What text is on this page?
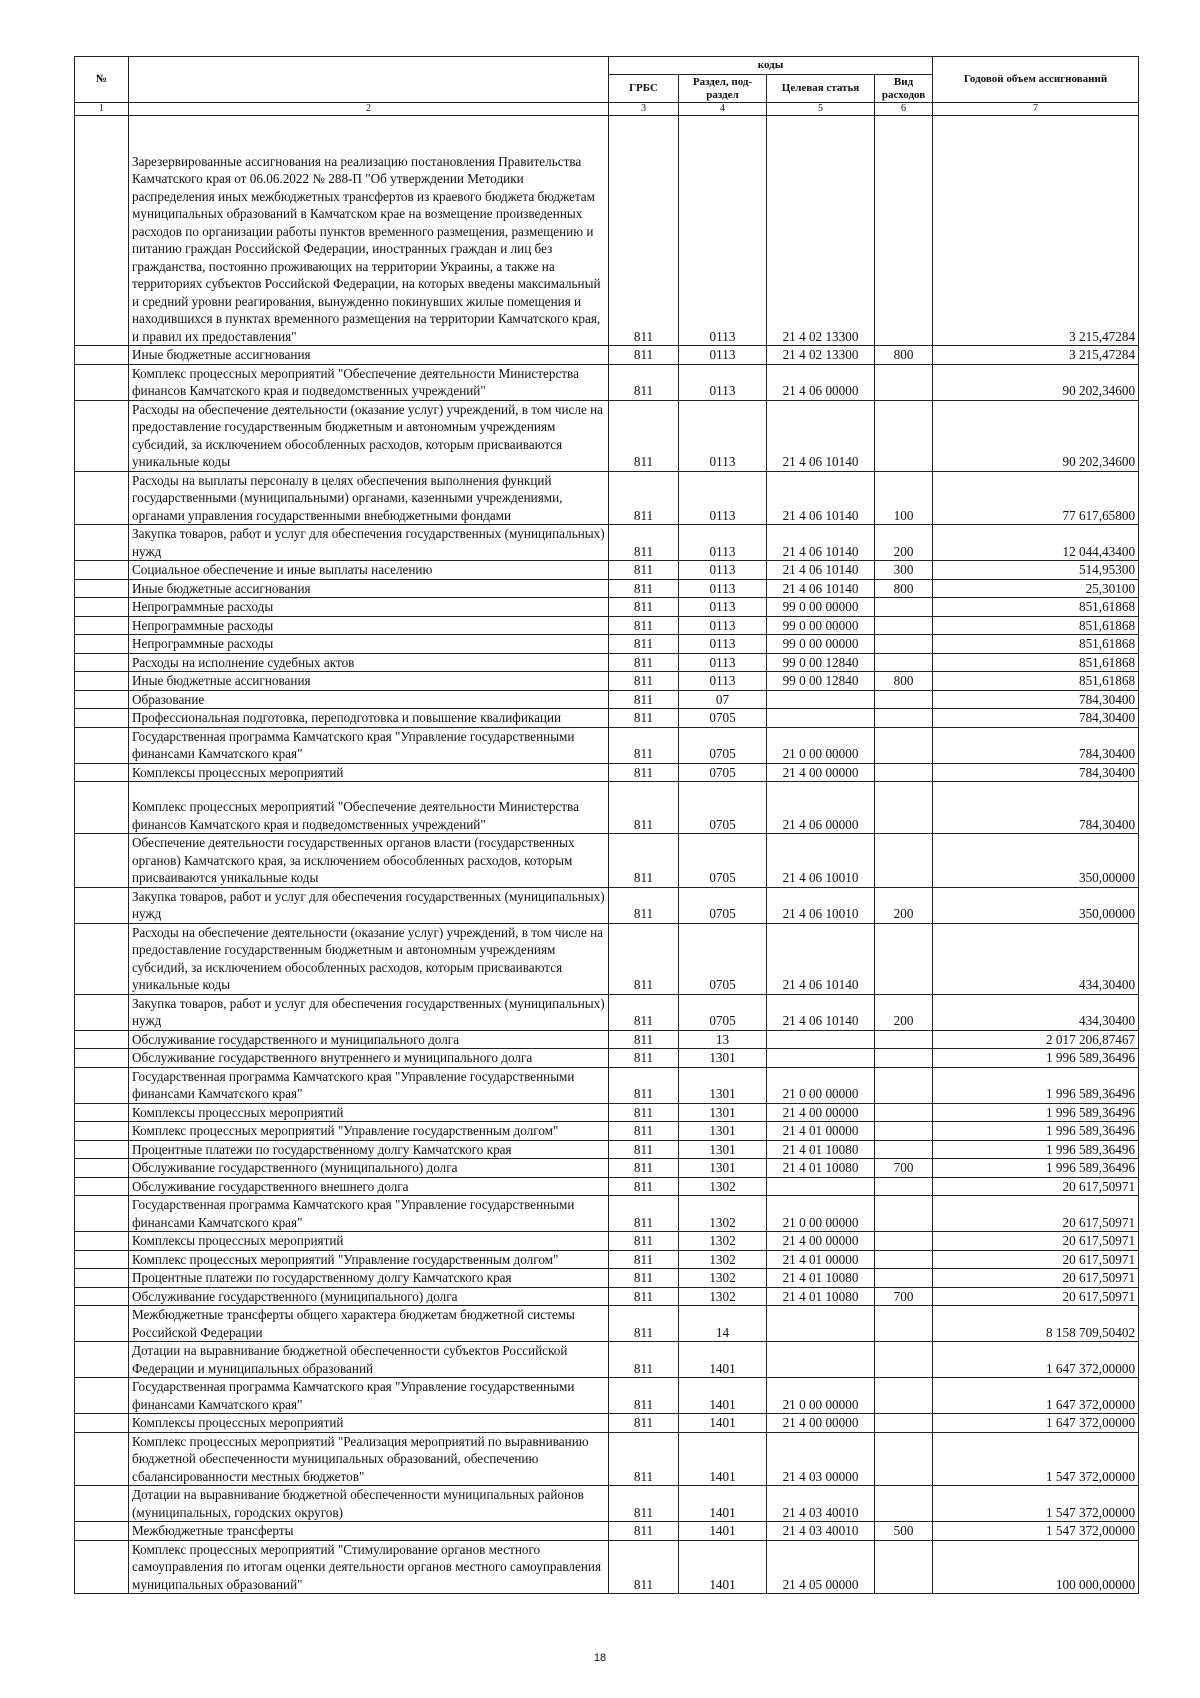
№		коды				Годовой объем ассигнований
		ГРБС	Раздел, под-раздел	Целевая статья	Вид расходов	
1	2	3	4	5	6	7
	Зарезервированные ассигнования на реализацию постановления Правительства Камчатского края от 06.06.2022 № 288-П "Об утверждении Методики распределения иных межбюджетных трансфертов из краевого бюджета бюджетам муниципальных образований в Камчатском крае на возмещение произведенных расходов по организации работы пунктов временного размещения, размещению и питанию граждан Российской Федерации, иностранных граждан и лиц без гражданства, постоянно проживающих на территории Украины, а также на территориях субъектов Российской Федерации, на которых введены максимальный и средний уровни реагирования, вынужденно покинувших жилые помещения и находившихся в пунктах временного размещения на территории Камчатского края, и правил их предоставления"	811	0113	21 4 02 13300		3 215,47284
	Иные бюджетные ассигнования	811	0113	21 4 02 13300	800	3 215,47284
	Комплекс процессных мероприятий "Обеспечение деятельности Министерства финансов Камчатского края и подведомственных учреждений"	811	0113	21 4 06 00000		90 202,34600
	Расходы на обеспечение деятельности (оказание услуг) учреждений, в том числе на предоставление государственным бюджетным и автономным учреждениям субсидий, за исключением обособленных расходов, которым присваиваются уникальные коды	811	0113	21 4 06 10140		90 202,34600
	Расходы на выплаты персоналу в целях обеспечения выполнения функций государственными (муниципальными) органами, казенными учреждениями, органами управления государственными внебюджетными фондами	811	0113	21 4 06 10140	100	77 617,65800
	Закупка товаров, работ и услуг для обеспечения государственных (муниципальных) нужд	811	0113	21 4 06 10140	200	12 044,43400
	Социальное обеспечение и иные выплаты населению	811	0113	21 4 06 10140	300	514,95300
	Иные бюджетные ассигнования	811	0113	21 4 06 10140	800	25,30100
	Непрограммные расходы	811	0113	99 0 00 00000		851,61868
	Непрограммные расходы	811	0113	99 0 00 00000		851,61868
	Непрограммные расходы	811	0113	99 0 00 00000		851,61868
	Расходы на исполнение судебных актов	811	0113	99 0 00 12840		851,61868
	Иные бюджетные ассигнования	811	0113	99 0 00 12840	800	851,61868
	Образование	811	07			784,30400
	Профессиональная подготовка, переподготовка и повышение квалификации	811	0705			784,30400
	Государственная программа Камчатского края "Управление государственными финансами Камчатского края"	811	0705	21 0 00 00000		784,30400
	Комплексы процессных мероприятий	811	0705	21 4 00 00000		784,30400
	Комплекс процессных мероприятий "Обеспечение деятельности Министерства финансов Камчатского края и подведомственных учреждений"	811	0705	21 4 06 00000		784,30400
	Обеспечение деятельности государственных органов власти (государственных органов) Камчатского края, за исключением обособленных расходов, которым присваиваются уникальные коды	811	0705	21 4 06 10010		350,00000
	Закупка товаров, работ и услуг для обеспечения государственных (муниципальных) нужд	811	0705	21 4 06 10010	200	350,00000
	Расходы на обеспечение деятельности (оказание услуг) учреждений, в том числе на предоставление государственным бюджетным и автономным учреждениям субсидий, за исключением обособленных расходов, которым присваиваются уникальные коды	811	0705	21 4 06 10140		434,30400
	Закупка товаров, работ и услуг для обеспечения государственных (муниципальных) нужд	811	0705	21 4 06 10140	200	434,30400
	Обслуживание государственного и муниципального долга	811	13			2 017 206,87467
	Обслуживание государственного внутреннего и муниципального долга	811	1301			1 996 589,36496
	Государственная программа Камчатского края "Управление государственными финансами Камчатского края"	811	1301	21 0 00 00000		1 996 589,36496
	Комплексы процессных мероприятий	811	1301	21 4 00 00000		1 996 589,36496
	Комплекс процессных мероприятий "Управление государственным долгом"	811	1301	21 4 01 00000		1 996 589,36496
	Процентные платежи по государственному долгу Камчатского края	811	1301	21 4 01 10080		1 996 589,36496
	Обслуживание государственного (муниципального) долга	811	1301	21 4 01 10080	700	1 996 589,36496
	Обслуживание государственного внешнего долга	811	1302			20 617,50971
	Государственная программа Камчатского края "Управление государственными финансами Камчатского края"	811	1302	21 0 00 00000		20 617,50971
	Комплексы процессных мероприятий	811	1302	21 4 00 00000		20 617,50971
	Комплекс процессных мероприятий "Управление государственным долгом"	811	1302	21 4 01 00000		20 617,50971
	Процентные платежи по государственному долгу Камчатского края	811	1302	21 4 01 10080		20 617,50971
	Обслуживание государственного (муниципального) долга	811	1302	21 4 01 10080	700	20 617,50971
	Межбюджетные трансферты общего характера бюджетам бюджетной системы Российской Федерации	811	14			8 158 709,50402
	Дотации на выравнивание бюджетной обеспеченности субъектов Российской Федерации и муниципальных образований	811	1401			1 647 372,00000
	Государственная программа Камчатского края "Управление государственными финансами Камчатского края"	811	1401	21 0 00 00000		1 647 372,00000
	Комплексы процессных мероприятий	811	1401	21 4 00 00000		1 647 372,00000
	Комплекс процессных мероприятий "Реализация мероприятий по выравниванию бюджетной обеспеченности муниципальных образований, обеспечению сбалансированности местных бюджетов"	811	1401	21 4 03 00000		1 547 372,00000
	Дотации на выравнивание бюджетной обеспеченности муниципальных районов (муниципальных, городских округов)	811	1401	21 4 03 40010		1 547 372,00000
	Межбюджетные трансферты	811	1401	21 4 03 40010	500	1 547 372,00000
	Комплекс процессных мероприятий "Стимулирование органов местного самоуправления по итогам оценки деятельности органов местного самоуправления муниципальных образований"	811	1401	21 4 05 00000		100 000,00000
18
